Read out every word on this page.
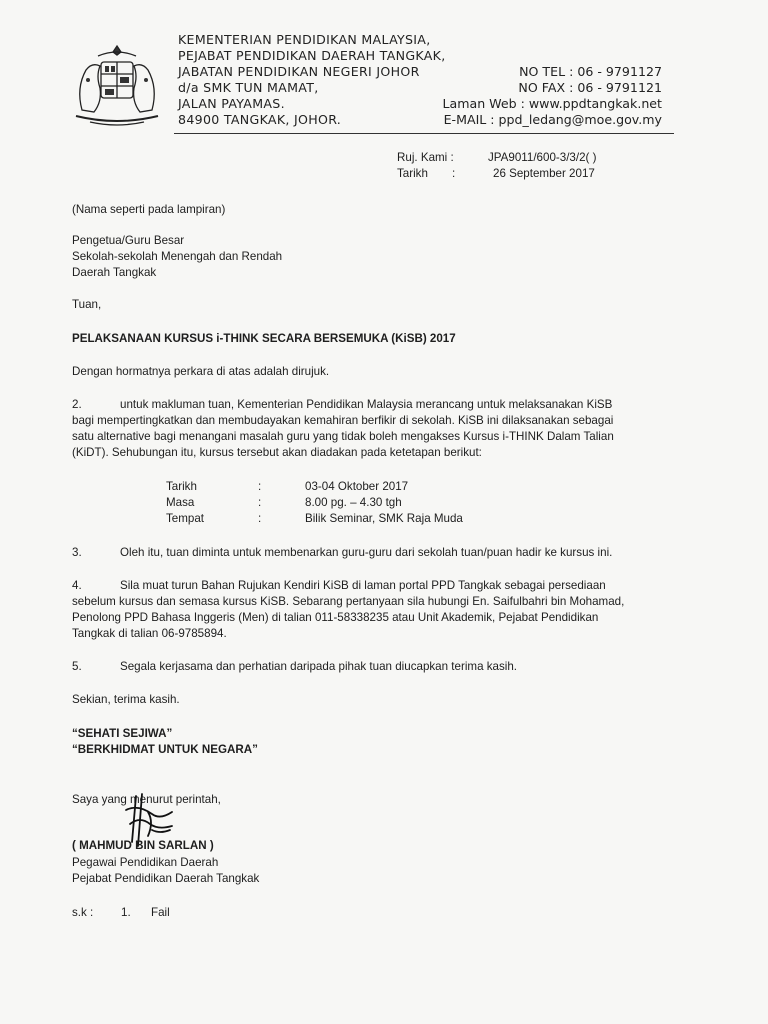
KEMENTERIAN PENDIDIKAN MALAYSIA,
PEJABAT PENDIDIKAN DAERAH TANGKAK,
JABATAN PENDIDIKAN NEGERI JOHOR
d/a SMK TUN MAMAT,
JALAN PAYAMAS.
84900 TANGKAK, JOHOR.
NO TEL : 06 - 9791127
NO FAX : 06 - 9791121
Laman Web : www.ppdtangkak.net
E-MAIL : ppd_ledang@moe.gov.my
Ruj. Kami :	JPA9011/600-3/3/2( )
Tarikh :	26 September 2017
(Nama seperti pada lampiran)
Pengetua/Guru Besar
Sekolah-sekolah Menengah dan Rendah
Daerah Tangkak
Tuan,
PELAKSANAAN KURSUS i-THINK SECARA BERSEMUKA (KiSB) 2017
Dengan hormatnya perkara di atas adalah dirujuk.
2.	untuk makluman tuan, Kementerian Pendidikan Malaysia merancang untuk melaksanakan KiSB
bagi mempertingkatkan dan membudayakan kemahiran berfikir di sekolah. KiSB ini dilaksanakan sebagai
satu alternative bagi menangani masalah guru yang tidak boleh mengakses Kursus i-THINK Dalam Talian
(KiDT). Sehubungan itu, kursus tersebut akan diadakan pada ketetapan berikut:
Tarikh	:	03-04 Oktober 2017
Masa	:	8.00 pg. – 4.30 tgh
Tempat	:	Bilik Seminar, SMK Raja Muda
3.	Oleh itu, tuan diminta untuk membenarkan guru-guru dari sekolah tuan/puan hadir ke kursus ini.
4.	Sila muat turun Bahan Rujukan Kendiri KiSB di laman portal PPD Tangkak sebagai persediaan
sebelum kursus dan semasa kursus KiSB. Sebarang pertanyaan sila hubungi En. Saifulbahri bin Mohamad,
Penolong PPD Bahasa Inggeris (Men) di talian 011-58338235 atau Unit Akademik, Pejabat Pendidikan
Tangkak di talian 06-9785894.
5.	Segala kerjasama dan perhatian daripada pihak tuan diucapkan terima kasih.
Sekian, terima kasih.
“SEHATI SEJIWA”
“BERKHIDMAT UNTUK NEGARA”
Saya yang menurut perintah,
( MAHMUD BIN SARLAN )
Pegawai Pendidikan Daerah
Pejabat Pendidikan Daerah Tangkak
s.k : 1. Fail
